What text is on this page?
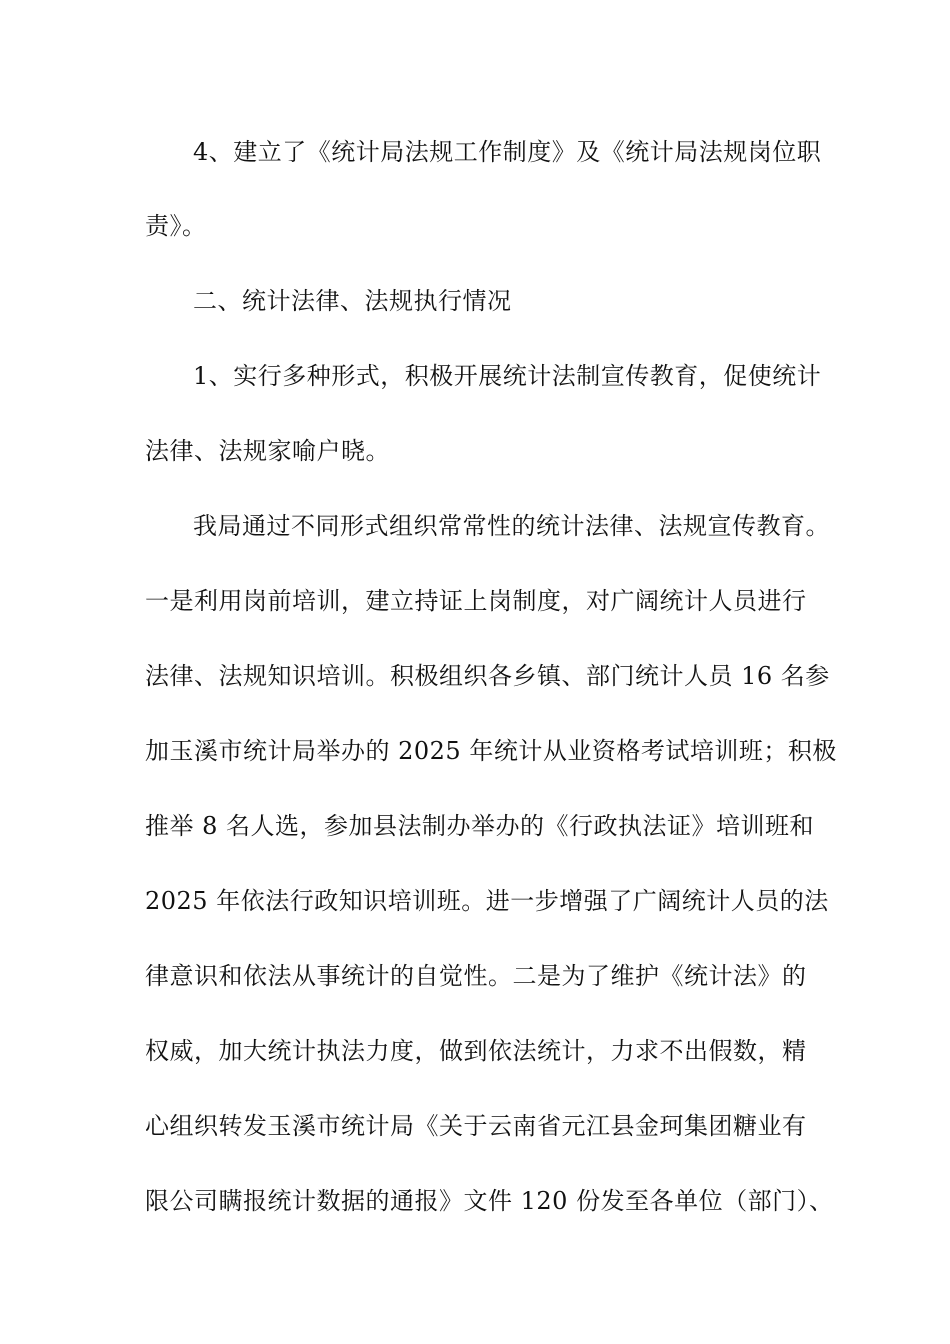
4、建立了《统计局法规工作制度》及《统计局法规岗位职
责》。
二、统计法律、法规执行情况
1、实行多种形式，积极开展统计法制宣传教育，促使统计
法律、法规家喻户晓。
我局通过不同形式组织常常性的统计法律、法规宣传教育。
一是利用岗前培训，建立持证上岗制度，对广阔统计人员进行
法律、法规知识培训。积极组织各乡镇、部门统计人员 16 名参
加玉溪市统计局举办的 2025 年统计从业资格考试培训班；积极
推举 8 名人选，参加县法制办举办的《行政执法证》培训班和
2025 年依法行政知识培训班。进一步增强了广阔统计人员的法
律意识和依法从事统计的自觉性。二是为了维护《统计法》的
权威，加大统计执法力度，做到依法统计，力求不出假数，精
心组织转发玉溪市统计局《关于云南省元江县金珂集团糖业有
限公司瞒报统计数据的通报》文件 120 份发至各单位（部门）、
